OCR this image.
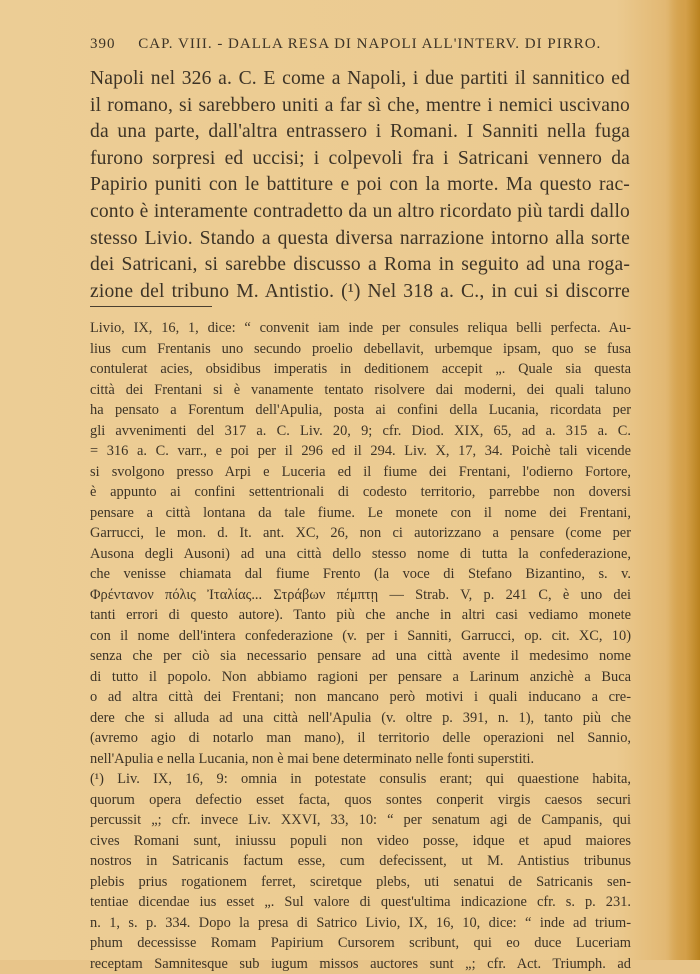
390 CAP. VIII. - DALLA RESA DI NAPOLI ALL'INTERV. DI PIRRO.
Napoli nel 326 a. C. E come a Napoli, i due partiti il sannitico ed
il romano, si sarebbero uniti a far sì che, mentre i nemici uscivano
da una parte, dall'altra entrassero i Romani. I Sanniti nella fuga
furono sorpresi ed uccisi; i colpevoli fra i Satricani vennero da
Papirio puniti con le battiture e poi con la morte. Ma questo rac-
conto è interamente contradetto da un altro ricordato più tardi dallo
stesso Livio. Stando a questa diversa narrazione intorno alla sorte
dei Satricani, si sarebbe discusso a Roma in seguito ad una roga-
zione del tribuno M. Antistio. (¹) Nel 318 a. C., in cui si discorre
Livio, IX, 16, 1, dice: “ convenit iam inde per consules reliqua belli perfecta. Au-
lius cum Frentanis uno secundo proelio debellavit, urbemque ipsam, quo se fusa
contulerat acies, obsidibus imperatis in deditionem accepit „. Quale sia questa
città dei Frentani si è vanamente tentato risolvere dai moderni, dei quali taluno
ha pensato a Forentum dell'Apulia, posta ai confini della Lucania, ricordata per
gli avvenimenti del 317 a. C. Liv. 20, 9; cfr. Diod. XIX, 65, ad a. 315 a. C.
= 316 a. C. varr., e poi per il 296 ed il 294. Liv. X, 17, 34. Poichè tali vicende
si svolgono presso Arpi e Luceria ed il fiume dei Frentani, l'odierno Fortore,
è appunto ai confini settentrionali di codesto territorio, parrebbe non doversi
pensare a città lontana da tale fiume. Le monete con il nome dei Frentani,
Garrucci, le mon. d. It. ant. XC, 26, non ci autorizzano a pensare (come per
Ausona degli Ausoni) ad una città dello stesso nome di tutta la confederazione,
che venisse chiamata dal fiume Frento (la voce di Stefano Bizantino, s. v.
Φρέντανον πόλις Ἰταλίας... Στράβων πέμπτῃ — Strab. V, p. 241 C, è uno dei
tanti errori di questo autore). Tanto più che anche in altri casi vediamo monete
con il nome dell'intera confederazione (v. per i Sanniti, Garrucci, op. cit. XC, 10)
senza che per ciò sia necessario pensare ad una città avente il medesimo nome
di tutto il popolo. Non abbiamo ragioni per pensare a Larinum anzichè a Buca
o ad altra città dei Frentani; non mancano però motivi i quali inducano a cre-
dere che si alluda ad una città nell'Apulia (v. oltre p. 391, n. 1), tanto più che
(avremo agio di notarlo man mano), il territorio delle operazioni nel Sannio,
nell'Apulia e nella Lucania, non è mai bene determinato nelle fonti superstiti.
(¹) Liv. IX, 16, 9: omnia in potestate consulis erant; qui quaestione habita,
quorum opera defectio esset facta, quos sontes conperit virgis caesos securi
percussit „; cfr. invece Liv. XXVI, 33, 10: “ per senatum agi de Campanis, qui
cives Romani sunt, iniussu populi non video posse, idque et apud maiores
nostros in Satricanis factum esse, cum defecissent, ut M. Antistius tribunus
plebis prius rogationem ferret, sciretque plebs, uti senatui de Satricanis sen-
tentiae dicendae ius esset „. Sul valore di quest'ultima indicazione cfr. s. p. 231.
n. 1, s. p. 334. Dopo la presa di Satrico Livio, IX, 16, 10, dice: “ inde ad trium-
phum decessisse Romam Papirium Cursorem scribunt, qui eo duce Luceriam
receptam Samnitesque sub iugum missos auctores sunt „; cfr. Act. Triumph. ad
